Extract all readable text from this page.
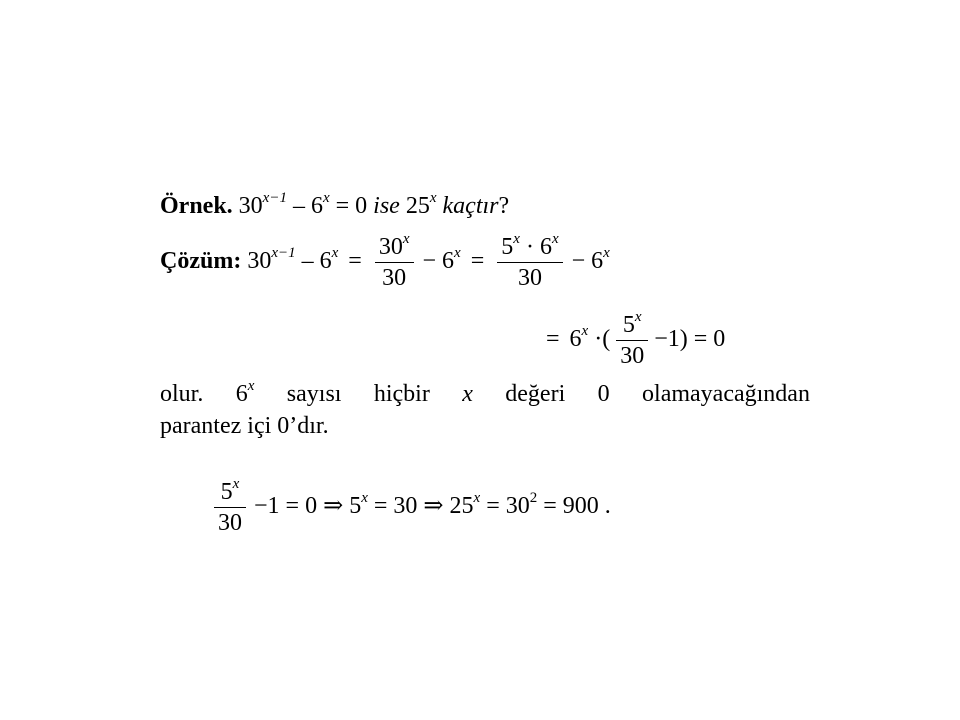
Örnek. $30^{x-1} - 6^x = 0$ ise 25$^x$ kaçtır?
Çözüm: $30^{x-1} - 6^x = \frac{30^x}{30} - 6^x = \frac{5^x \cdot 6^x}{30} - 6^x$
= $6^x$ ·( $\frac{5^x}{30} -1) = 0$
olur. 6$^x$ sayısı hiçbir x değeri 0 olamayacağından
parantez içi 0’dır.
$\frac{5^x}{30} -1 = 0$ ⇒ $5^x = 30$ ⇒ $25^x = 30^2 = 900$ .
